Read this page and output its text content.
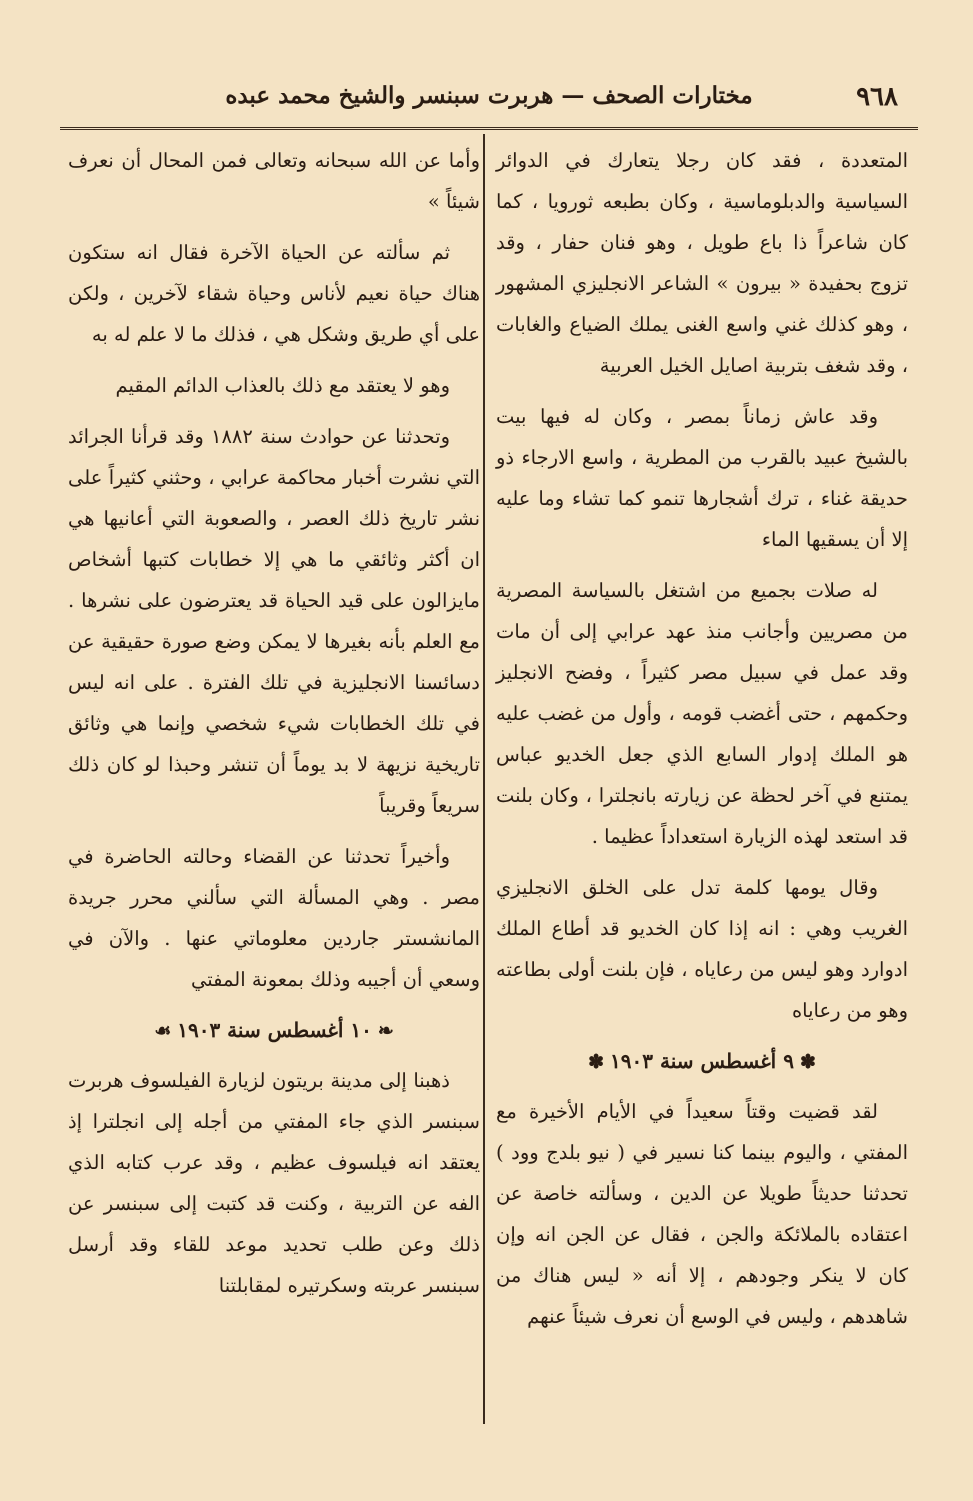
مختارات الصحف — هربرت سبنسر والشيخ محمد عبده	٩٦٨

المتعددة ، فقد كان رجلا يتعارك في الدوائر السياسية والدبلوماسية ، وكان بطبعه ثورويا ، كما كان شاعراً ذا باع طويل ، وهو فنان حفار ، وقد تزوج بحفيدة « بيرون » الشاعر الانجليزي المشهور ، وهو كذلك غني واسع الغنى يملك الضياع والغابات ، وقد شغف بتربية اصايل الخيل العربية

وقد عاش زماناً بمصر ، وكان له فيها بيت بالشيخ عبيد بالقرب من المطرية ، واسع الارجاء ذو حديقة غناء ، ترك أشجارها تنمو كما تشاء وما عليه إلا أن يسقيها الماء

له صلات بجميع من اشتغل بالسياسة المصرية من مصريين وأجانب منذ عهد عرابي إلى أن مات وقد عمل في سبيل مصر كثيراً ، وفضح الانجليز وحكمهم ، حتى أغضب قومه ، وأول من غضب عليه هو الملك إدوار السابع الذي جعل الخديو عباس يمتنع في آخر لحظة عن زيارته بانجلترا ، وكان بلنت قد استعد لهذه الزيارة استعداداً عظيما .

وقال يومها كلمة تدل على الخلق الانجليزي الغريب وهي : انه إذا كان الخديو قد أطاع الملك ادوارد وهو ليس من رعاياه ، فإن بلنت أولى بطاعته وهو من رعاياه

✽٩ أغسطس سنة ١٩٠٣✽

لقد قضيت وقتاً سعيداً في الأيام الأخيرة مع المفتي ، واليوم بينما كنا نسير في ( نيو بلدج وود ) تحدثنا حديثاً طويلا عن الدين ، وسألته خاصة عن اعتقاده بالملائكة والجن ، فقال عن الجن انه وإن كان لا ينكر وجودهم ، إلا أنه « ليس هناك من شاهدهم ، وليس في الوسع أن نعرف شيئاً عنهم

وأما عن الله سبحانه وتعالى فمن المحال أن نعرف شيئاً »

ثم سألته عن الحياة الآخرة فقال انه ستكون هناك حياة نعيم لأناس وحياة شقاء لآخرين ، ولكن على أي طريق وشكل هي ، فذلك ما لا علم له به

وهو لا يعتقد مع ذلك بالعذاب الدائم المقيم

وتحدثنا عن حوادث سنة ١٨٨٢ وقد قرأنا الجرائد التي نشرت أخبار محاكمة عرابي ، وحثني كثيراً على نشر تاريخ ذلك العصر ، والصعوبة التي أعانيها هي ان أكثر وثائقي ما هي إلا خطابات كتبها أشخاص مايزالون على قيد الحياة قد يعترضون على نشرها . مع العلم بأنه بغيرها لا يمكن وضع صورة حقيقية عن دسائسنا الانجليزية في تلك الفترة . على انه ليس في تلك الخطابات شيء شخصي وإنما هي وثائق تاريخية نزيهة لا بد يوماً أن تنشر وحبذا لو كان ذلك سريعاً وقريباً

وأخيراً تحدثنا عن القضاء وحالته الحاضرة في مصر . وهي المسألة التي سألني محرر جريدة المانشستر جاردين معلوماتي عنها . والآن في وسعي أن أجيبه وذلك بمعونة المفتي

❧١٠ أغسطس سنة ١٩٠٣☙

ذهبنا إلى مدينة بريتون لزيارة الفيلسوف هربرت سبنسر الذي جاء المفتي من أجله إلى انجلترا إذ يعتقد انه فيلسوف عظيم ، وقد عرب كتابه الذي الفه عن التربية ، وكنت قد كتبت إلى سبنسر عن ذلك وعن طلب تحديد موعد للقاء وقد أرسل سبنسر عربته وسكرتيره لمقابلتنا
